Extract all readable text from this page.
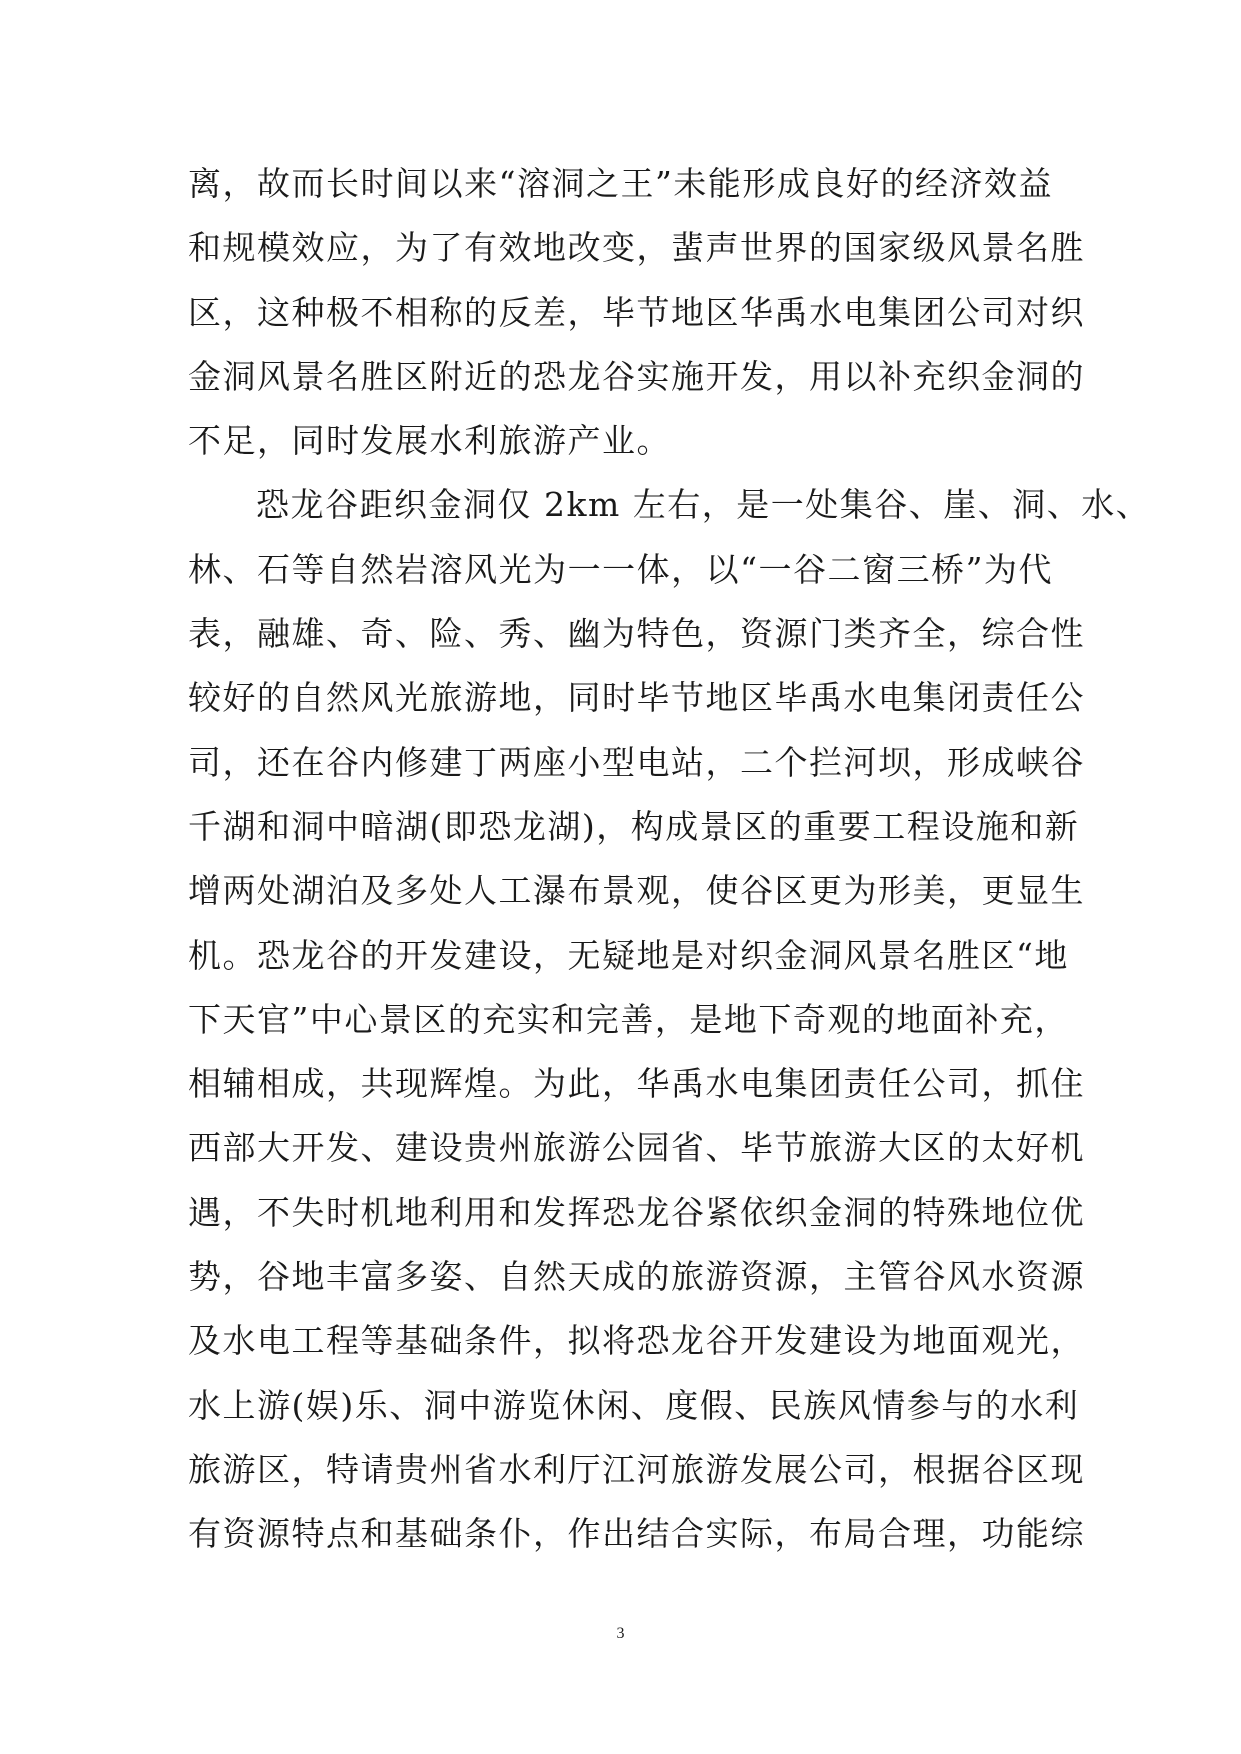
离，故而长时间以来“溶洞之王”未能形成良好的经济效益
和规模效应，为了有效地改变，蜚声世界的国家级风景名胜
区，这种极不相称的反差，毕节地区华禹水电集团公司对织
金洞风景名胜区附近的恐龙谷实施开发，用以补充织金洞的
不足，同时发展水利旅游产业。
恐龙谷距织金洞仅 2km 左右，是一处集谷、崖、洞、水、
林、石等自然岩溶风光为一一体，以“一谷二窗三桥”为代
表，融雄、奇、险、秀、幽为特色，资源门类齐全，综合性
较好的自然风光旅游地，同时毕节地区毕禹水电集闭责任公
司，还在谷内修建丁两座小型电站，二个拦河坝，形成峡谷
千湖和洞中暗湖(即恐龙湖)，构成景区的重要工程设施和新
增两处湖泊及多处人工瀑布景观，使谷区更为形美，更显生
机。恐龙谷的开发建设，无疑地是对织金洞风景名胜区“地
下天官”中心景区的充实和完善，是地下奇观的地面补充，
相辅相成，共现辉煌。为此，华禹水电集团责任公司，抓住
西部大开发、建设贵州旅游公园省、毕节旅游大区的太好机
遇，不失时机地利用和发挥恐龙谷紧依织金洞的特殊地位优
势，谷地丰富多姿、自然天成的旅游资源，主管谷风水资源
及水电工程等基础条件，拟将恐龙谷开发建设为地面观光，
水上游(娱)乐、洞中游览休闲、度假、民族风情参与的水利
旅游区，特请贵州省水利厅江河旅游发展公司，根据谷区现
有资源特点和基础条仆，作出结合实际，布局合理，功能综
3
